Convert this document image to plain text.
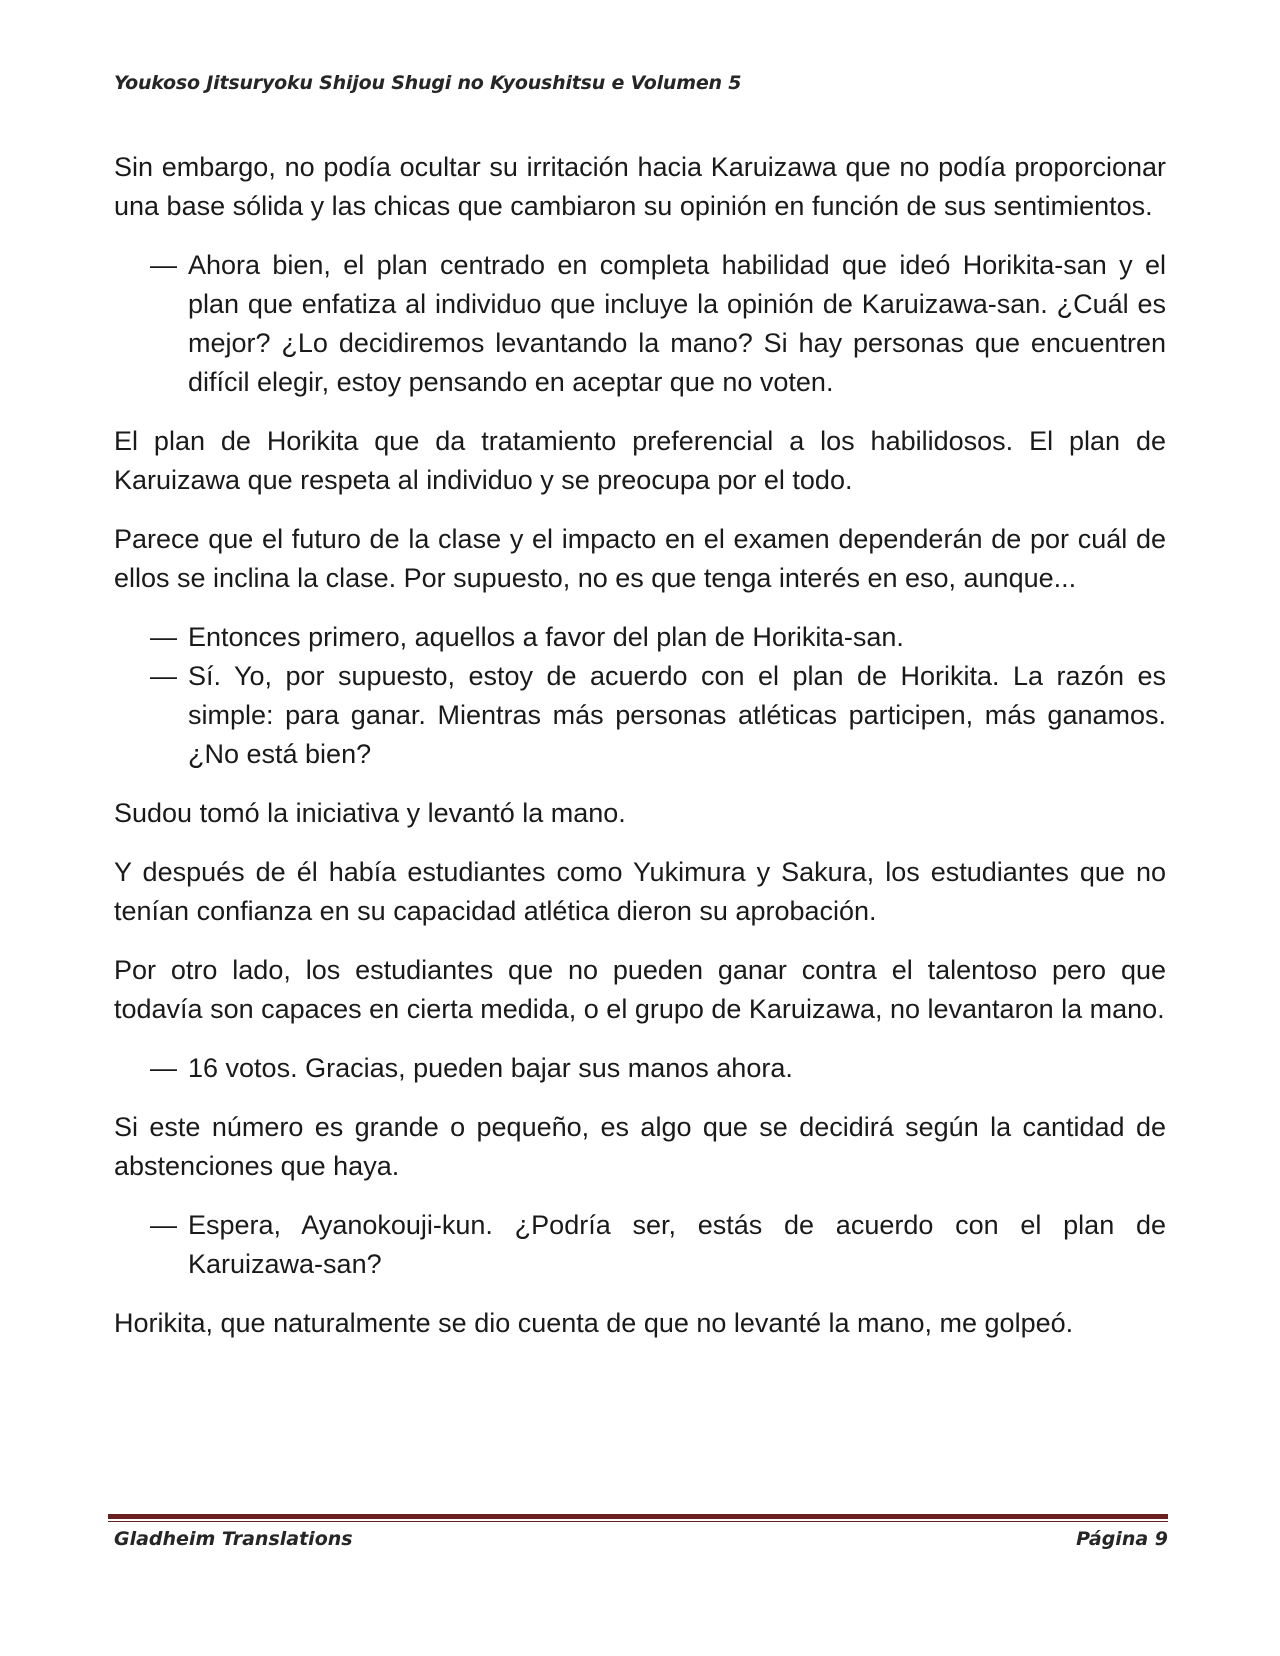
Youkoso Jitsuryoku Shijou Shugi no Kyoushitsu e Volumen 5

Sin embargo, no podía ocultar su irritación hacia Karuizawa que no podía proporcionar una base sólida y las chicas que cambiaron su opinión en función de sus sentimientos.

— Ahora bien, el plan centrado en completa habilidad que ideó Horikita-san y el plan que enfatiza al individuo que incluye la opinión de Karuizawa-san. ¿Cuál es mejor? ¿Lo decidiremos levantando la mano? Si hay personas que encuentren difícil elegir, estoy pensando en aceptar que no voten.

El plan de Horikita que da tratamiento preferencial a los habilidosos. El plan de Karuizawa que respeta al individuo y se preocupa por el todo.

Parece que el futuro de la clase y el impacto en el examen dependerán de por cuál de ellos se inclina la clase. Por supuesto, no es que tenga interés en eso, aunque...

— Entonces primero, aquellos a favor del plan de Horikita-san.

— Sí. Yo, por supuesto, estoy de acuerdo con el plan de Horikita. La razón es simple: para ganar. Mientras más personas atléticas participen, más ganamos. ¿No está bien?

Sudou tomó la iniciativa y levantó la mano.

Y después de él había estudiantes como Yukimura y Sakura, los estudiantes que no tenían confianza en su capacidad atlética dieron su aprobación.

Por otro lado, los estudiantes que no pueden ganar contra el talentoso pero que todavía son capaces en cierta medida, o el grupo de Karuizawa, no levantaron la mano.

— 16 votos. Gracias, pueden bajar sus manos ahora.

Si este número es grande o pequeño, es algo que se decidirá según la cantidad de abstenciones que haya.

— Espera, Ayanokouji-kun. ¿Podría ser, estás de acuerdo con el plan de Karuizawa-san?

Horikita, que naturalmente se dio cuenta de que no levanté la mano, me golpeó.

Gladheim Translations	Página 9
